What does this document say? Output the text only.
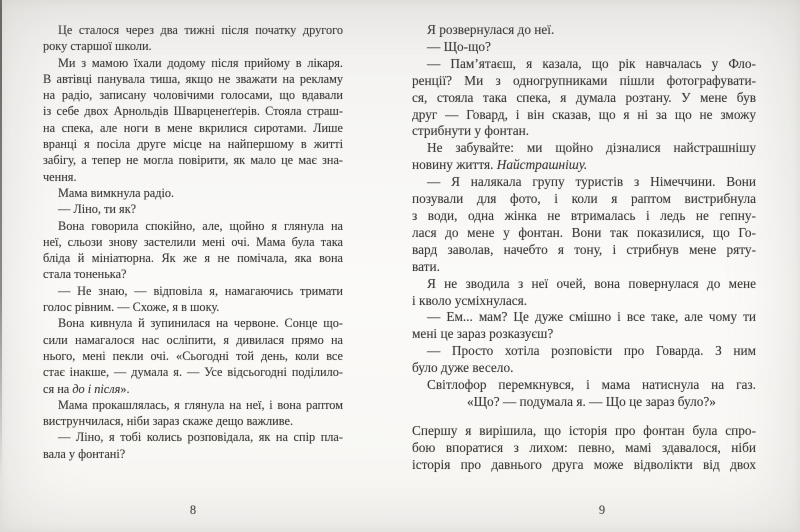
Це сталося через два тижні після початку другого
року старшої школи.
Ми з мамою їхали додому після прийому в лікаря.
В автівці панувала тиша, якщо не зважати на рекламу
на радіо, записану чоловічими голосами, що вдавали
із себе двох Арнольдів Шварценеґґерів. Стояла страш-
на спека, але ноги в мене вкрилися сиротами. Лише
вранці я посіла друге місце на найпершому в житті
забігу, а тепер не могла повірити, як мало це має зна-
чення.
Мама вимкнула радіо.
— Ліно, ти як?
Вона говорила спокійно, але, щойно я глянула на
неї, сльози знову застелили мені очі. Мама була така
бліда й мініатюрна. Як же я не помічала, яка вона
стала тоненька?
— Не знаю, — відповіла я, намагаючись тримати
голос рівним. — Схоже, я в шоку.
Вона кивнула й зупинилася на червоне. Сонце що-
сили намагалося нас осліпити, я дивилася прямо на
нього, мені пекли очі. «Сьогодні той день, коли все
стає інакше, — думала я. — Усе відсьогодні поділило-
ся на до і після».
Мама прокашлялась, я глянула на неї, і вона раптом
виструнчилася, ніби зараз скаже дещо важливе.
— Ліно, я тобі колись розповідала, як на спір пла-
вала у фонтані?
8
Я розвернулася до неї.
— Що-що?
— Пам’ятаєш, я казала, що рік навчалась у Фло-
ренції? Ми з одногрупниками пішли фотографувати-
ся, стояла така спека, я думала розтану. У мене був
друг — Говард, і він сказав, що я ні за що не зможу
стрибнути у фонтан.
Не забувайте: ми щойно дізналися найстрашнішу
новину життя. Найстрашнішу.
— Я налякала групу туристів з Німеччини. Вони
позували для фото, і коли я раптом вистрибнула
з води, одна жінка не втрималась і ледь не гепну-
лася до мене у фонтан. Вони так показилися, що Го-
вард заволав, начебто я тону, і стрибнув мене ряту-
вати.
Я не зводила з неї очей, вона повернулася до мене
і кволо усміхнулася.
— Ем... мам? Це дуже смішно і все таке, але чому ти
мені це зараз розказуєш?
— Просто хотіла розповісти про Говарда. З ним
було дуже весело.
Світлофор перемкнувся, і мама натиснула на газ.
«Що? — подумала я. — Що це зараз було?»
Спершу я вирішила, що історія про фонтан була спро-
бою впоратися з лихом: певно, мамі здавалося, ніби
історія про давнього друга може відволікти від двох
9
